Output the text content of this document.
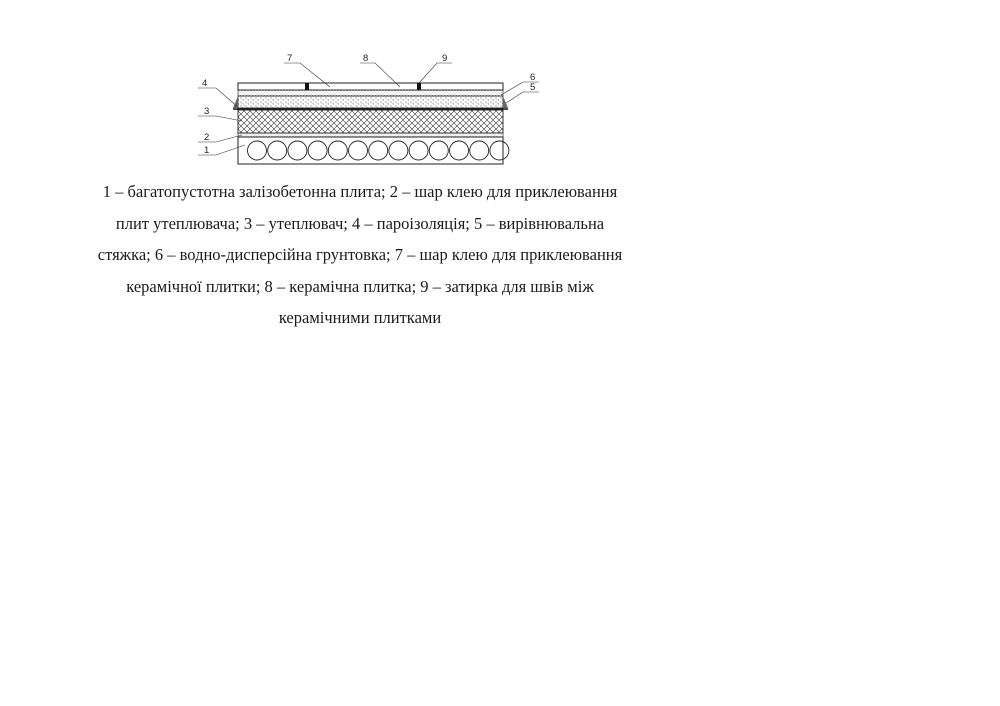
7	8	9
6
5
4
3
2
1

1 – багатопустотна залізобетонна плита; 2 – шар клею для приклеювання
плит утеплювача; 3 – утеплювач; 4 – пароізоляція; 5 – вирівнювальна
стяжка; 6 – водно-дисперсійна грунтовка; 7 – шар клею для приклеювання
керамічної плитки; 8 – керамічна плитка; 9 – затирка для швів між
керамічними плитками
